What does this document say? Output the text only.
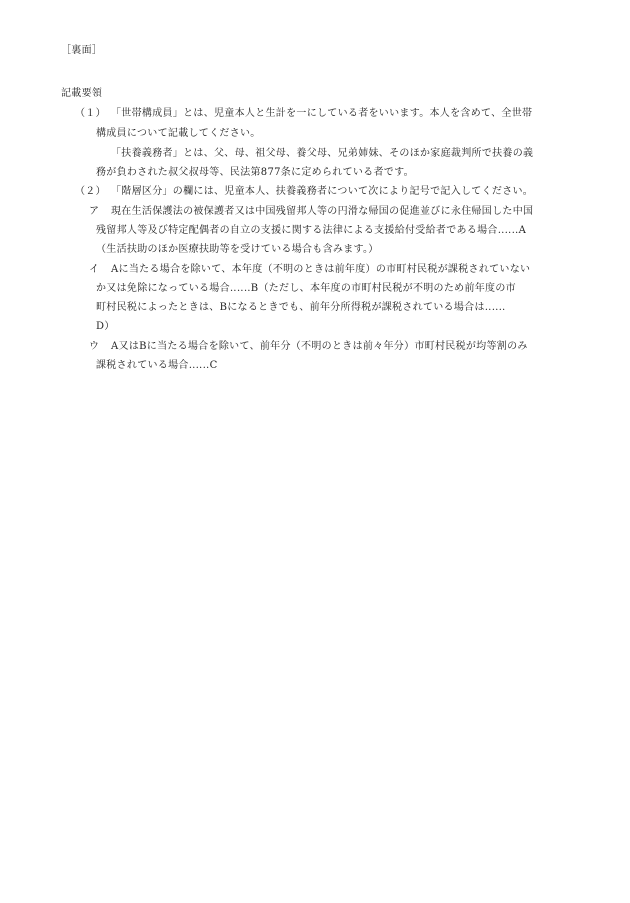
［裏面］
記載要領
（１） 「世帯構成員」とは、児童本人と生計を一にしている者をいいます。本人を含めて、全世帯
構成員について記載してください。
「扶養義務者」とは、父、母、祖父母、養父母、兄弟姉妹、そのほか家庭裁判所で扶養の義
務が負わされた叔父叔母等、民法第877条に定められている者です。
（２） 「階層区分」の欄には、児童本人、扶養義務者について次により記号で記入してください。
ア 現在生活保護法の被保護者又は中国残留邦人等の円滑な帰国の促進並びに永住帰国した中国
残留邦人等及び特定配偶者の自立の支援に関する法律による支援給付受給者である場合‥‥‥A
（生活扶助のほか医療扶助等を受けている場合も含みます。）
イ Aに当たる場合を除いて、本年度（不明のときは前年度）の市町村民税が課税されていない
か又は免除になっている場合‥‥‥B（ただし、本年度の市町村民税が不明のため前年度の市
町村民税によったときは、Bになるときでも、前年分所得税が課税されている場合は‥‥‥
D）
ウ A又はBに当たる場合を除いて、前年分（不明のときは前々年分）市町村民税が均等割のみ
課税されている場合‥‥‥C
